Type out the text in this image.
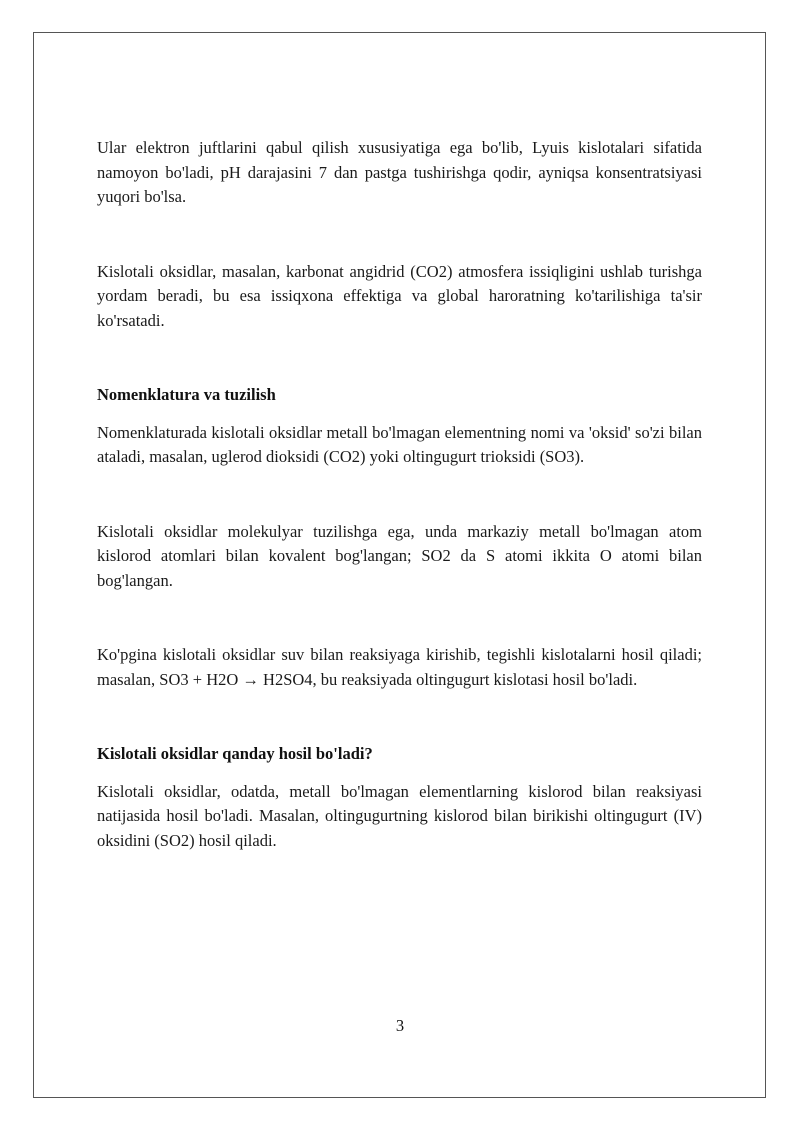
Ular elektron juftlarini qabul qilish xususiyatiga ega bo'lib, Lyuis kislotalari sifatida namoyon bo'ladi, pH darajasini 7 dan pastga tushirishga qodir, ayniqsa konsentratsiyasi yuqori bo'lsa.

Kislotali oksidlar, masalan, karbonat angidrid (CO2) atmosfera issiqligini ushlab turishga yordam beradi, bu esa issiqxona effektiga va global haroratning ko'tarilishiga ta'sir ko'rsatadi.

Nomenklatura va tuzilish

Nomenklaturada kislotali oksidlar metall bo'lmagan elementning nomi va 'oksid' so'zi bilan ataladi, masalan, uglerod dioksidi (CO2) yoki oltingugurt trioksidi (SO3).

Kislotali oksidlar molekulyar tuzilishga ega, unda markaziy metall bo'lmagan atom kislorod atomlari bilan kovalent bog'langan; SO2 da S atomi ikkita O atomi bilan bog'langan.

Ko'pgina kislotali oksidlar suv bilan reaksiyaga kirishib, tegishli kislotalarni hosil qiladi; masalan, SO3 + H2O → H2SO4, bu reaksiyada oltingugurt kislotasi hosil bo'ladi.

Kislotali oksidlar qanday hosil bo'ladi?

Kislotali oksidlar, odatda, metall bo'lmagan elementlarning kislorod bilan reaksiyasi natijasida hosil bo'ladi. Masalan, oltingugurtning kislorod bilan birikishi oltingugurt (IV) oksidini (SO2) hosil qiladi.

3
